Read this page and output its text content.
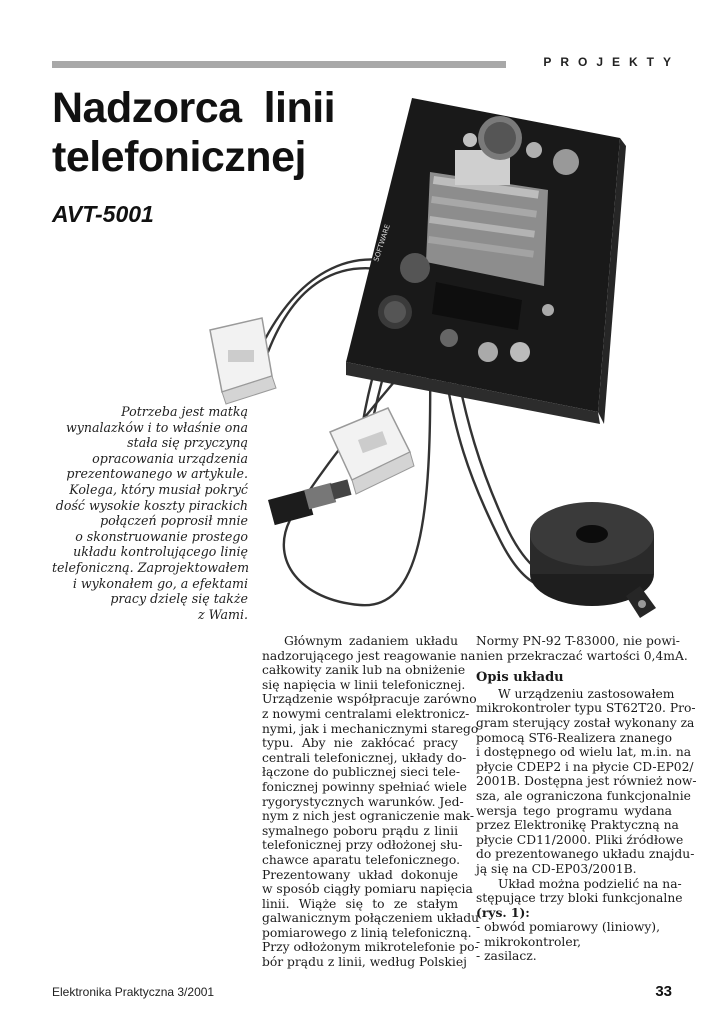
PROJEKTY
Nadzorca linii
telefonicznej
AVT-5001
SOFTWARE
Potrzeba jest matką
wynalazków i to właśnie ona
stała się przyczyną
opracowania urządzenia
prezentowanego w artykule.
Kolega, który musiał pokryć
dość wysokie koszty pirackich
połączeń poprosił mnie
o skonstruowanie prostego
układu kontrolującego linię
telefoniczną. Zaprojektowałem
i wykonałem go, a efektami
pracy dzielę się także
z Wami.
Głównym zadaniem układu
nadzorującego jest reagowanie na
całkowity zanik lub na obniżenie
się napięcia w linii telefonicznej.
Urządzenie współpracuje zarówno
z nowymi centralami elektronicz-
nymi, jak i mechanicznymi starego
typu. Aby nie zakłócać pracy
centrali telefonicznej, układy do-
łączone do publicznej sieci tele-
fonicznej powinny spełniać wiele
rygorystycznych warunków. Jed-
nym z nich jest ograniczenie mak-
symalnego poboru prądu z linii
telefonicznej przy odłożonej słu-
chawce aparatu telefonicznego.
Prezentowany układ dokonuje
w sposób ciągły pomiaru napięcia
linii. Wiąże się to ze stałym
galwanicznym połączeniem układu
pomiarowego z linią telefoniczną.
Przy odłożonym mikrotelefonie po-
bór prądu z linii, według Polskiej
Normy PN-92 T-83000, nie powi-
nien przekraczać wartości 0,4mA.
Opis układu
W urządzeniu zastosowałem
mikrokontroler typu ST62T20. Pro-
gram sterujący został wykonany za
pomocą ST6-Realizera znanego
i dostępnego od wielu lat, m.in. na
płycie CDEP2 i na płycie CD-EP02/
2001B. Dostępna jest również now-
sza, ale ograniczona funkcjonalnie
wersja tego programu wydana
przez Elektronikę Praktyczną na
płycie CD11/2000. Pliki źródłowe
do prezentowanego układu znajdu-
ją się na CD-EP03/2001B.
Układ można podzielić na na-
stępujące trzy bloki funkcjonalne
(rys. 1):
- obwód pomiarowy (liniowy),
- mikrokontroler,
- zasilacz.
Elektronika Praktyczna 3/2001	33
